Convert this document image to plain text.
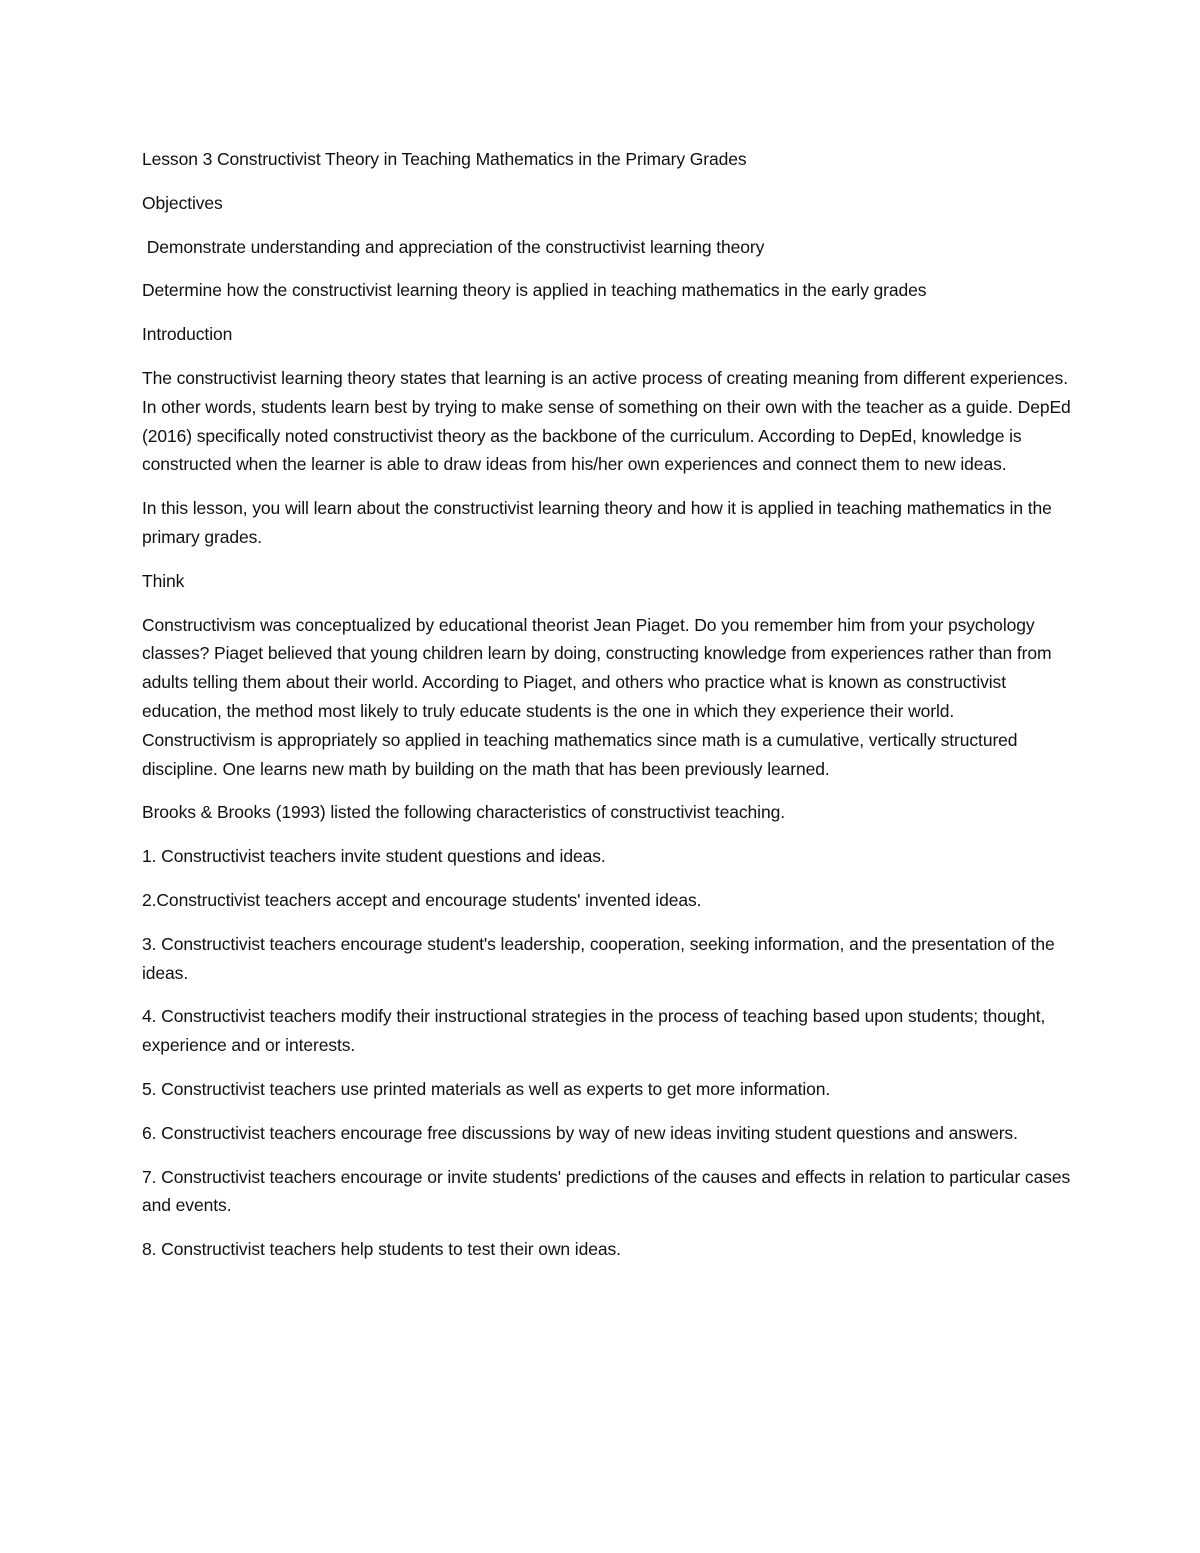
Lesson 3 Constructivist Theory in Teaching Mathematics in the Primary Grades

Objectives

Demonstrate understanding and appreciation of the constructivist learning theory

Determine how the constructivist learning theory is applied in teaching mathematics in the early grades

Introduction

The constructivist learning theory states that learning is an active process of creating meaning from different experiences. In other words, students learn best by trying to make sense of something on their own with the teacher as a guide. DepEd (2016) specifically noted constructivist theory as the backbone of the curriculum. According to DepEd, knowledge is constructed when the learner is able to draw ideas from his/her own experiences and connect them to new ideas.

In this lesson, you will learn about the constructivist learning theory and how it is applied in teaching mathematics in the primary grades.

Think

Constructivism was conceptualized by educational theorist Jean Piaget. Do you remember him from your psychology classes? Piaget believed that young children learn by doing, constructing knowledge from experiences rather than from adults telling them about their world. According to Piaget, and others who practice what is known as constructivist education, the method most likely to truly educate students is the one in which they experience their world. Constructivism is appropriately so applied in teaching mathematics since math is a cumulative, vertically structured discipline. One learns new math by building on the math that has been previously learned.

Brooks & Brooks (1993) listed the following characteristics of constructivist teaching.

1. Constructivist teachers invite student questions and ideas.

2.Constructivist teachers accept and encourage students' invented ideas.

3. Constructivist teachers encourage student's leadership, cooperation, seeking information, and the presentation of the ideas.

4. Constructivist teachers modify their instructional strategies in the process of teaching based upon students; thought, experience and or interests.

5. Constructivist teachers use printed materials as well as experts to get more information.

6. Constructivist teachers encourage free discussions by way of new ideas inviting student questions and answers.

7. Constructivist teachers encourage or invite students' predictions of the causes and effects in relation to particular cases and events.

8. Constructivist teachers help students to test their own ideas.
